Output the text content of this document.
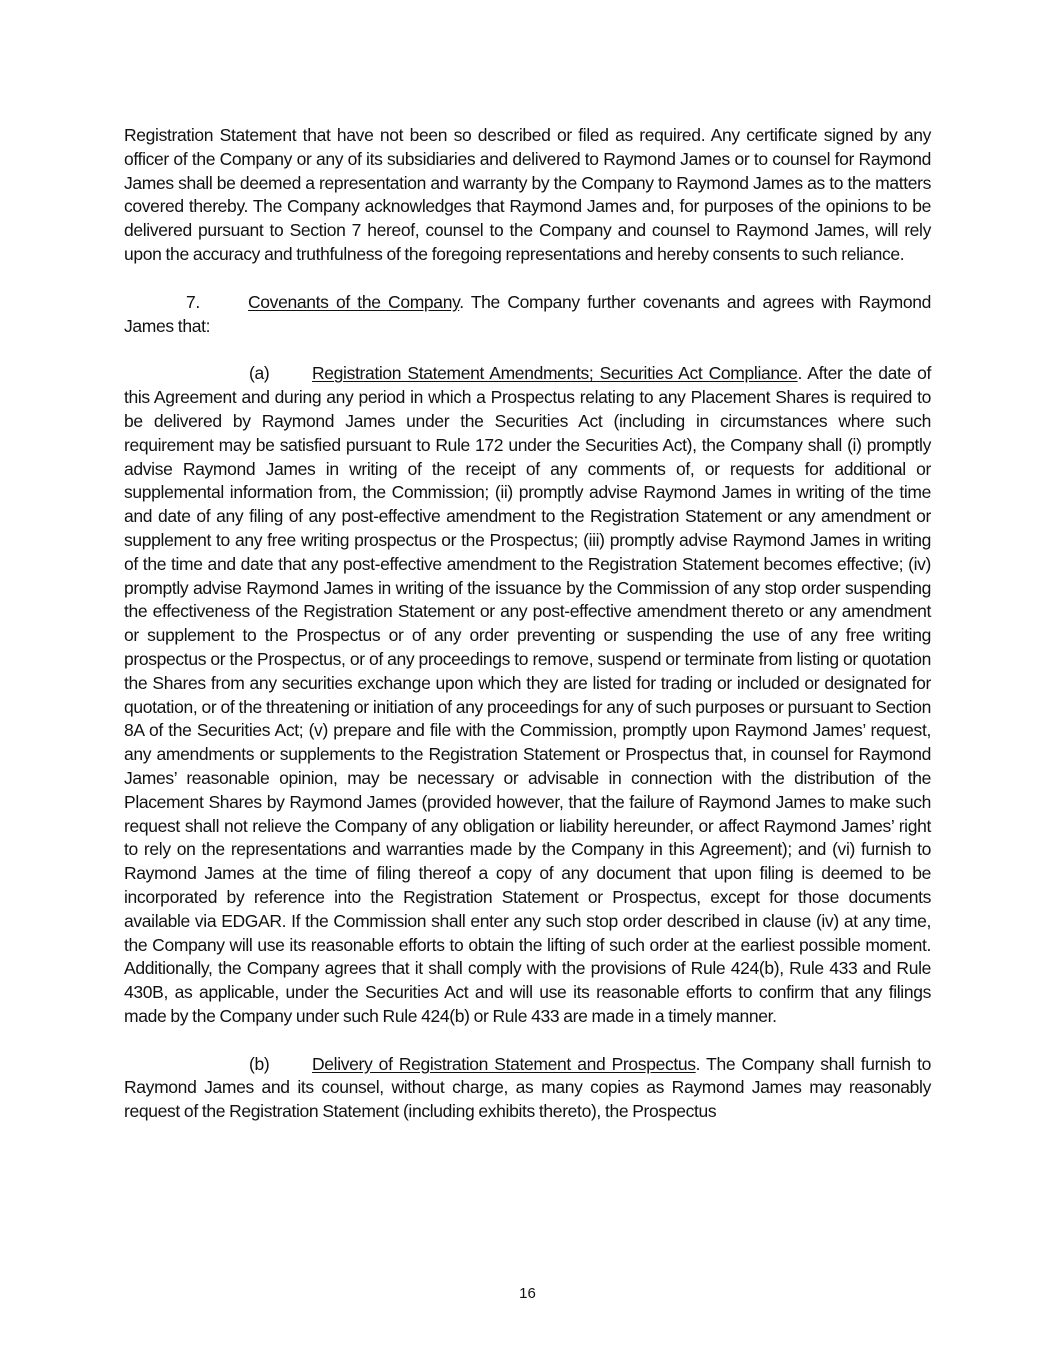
Registration Statement that have not been so described or filed as required. Any certificate signed by any officer of the Company or any of its subsidiaries and delivered to Raymond James or to counsel for Raymond James shall be deemed a representation and warranty by the Company to Raymond James as to the matters covered thereby. The Company acknowledges that Raymond James and, for purposes of the opinions to be delivered pursuant to Section 7 hereof, counsel to the Company and counsel to Raymond James, will rely upon the accuracy and truthfulness of the foregoing representations and hereby consents to such reliance.

7.	Covenants of the Company. The Company further covenants and agrees with Raymond James that:

(a) Registration Statement Amendments; Securities Act Compliance. After the date of this Agreement and during any period in which a Prospectus relating to any Placement Shares is required to be delivered by Raymond James under the Securities Act (including in circumstances where such requirement may be satisfied pursuant to Rule 172 under the Securities Act), the Company shall (i) promptly advise Raymond James in writing of the receipt of any comments of, or requests for additional or supplemental information from, the Commission; (ii) promptly advise Raymond James in writing of the time and date of any filing of any post-effective amendment to the Registration Statement or any amendment or supplement to any free writing prospectus or the Prospectus; (iii) promptly advise Raymond James in writing of the time and date that any post-effective amendment to the Registration Statement becomes effective; (iv) promptly advise Raymond James in writing of the issuance by the Commission of any stop order suspending the effectiveness of the Registration Statement or any post-effective amendment thereto or any amendment or supplement to the Prospectus or of any order preventing or suspending the use of any free writing prospectus or the Prospectus, or of any proceedings to remove, suspend or terminate from listing or quotation the Shares from any securities exchange upon which they are listed for trading or included or designated for quotation, or of the threatening or initiation of any proceedings for any of such purposes or pursuant to Section 8A of the Securities Act; (v) prepare and file with the Commission, promptly upon Raymond James’ request, any amendments or supplements to the Registration Statement or Prospectus that, in counsel for Raymond James’ reasonable opinion, may be necessary or advisable in connection with the distribution of the Placement Shares by Raymond James (provided however, that the failure of Raymond James to make such request shall not relieve the Company of any obligation or liability hereunder, or affect Raymond James’ right to rely on the representations and warranties made by the Company in this Agreement); and (vi) furnish to Raymond James at the time of filing thereof a copy of any document that upon filing is deemed to be incorporated by reference into the Registration Statement or Prospectus, except for those documents available via EDGAR. If the Commission shall enter any such stop order described in clause (iv) at any time, the Company will use its reasonable efforts to obtain the lifting of such order at the earliest possible moment. Additionally, the Company agrees that it shall comply with the provisions of Rule 424(b), Rule 433 and Rule 430B, as applicable, under the Securities Act and will use its reasonable efforts to confirm that any filings made by the Company under such Rule 424(b) or Rule 433 are made in a timely manner.

(b) Delivery of Registration Statement and Prospectus. The Company shall furnish to Raymond James and its counsel, without charge, as many copies as Raymond James may reasonably request of the Registration Statement (including exhibits thereto), the Prospectus

16
